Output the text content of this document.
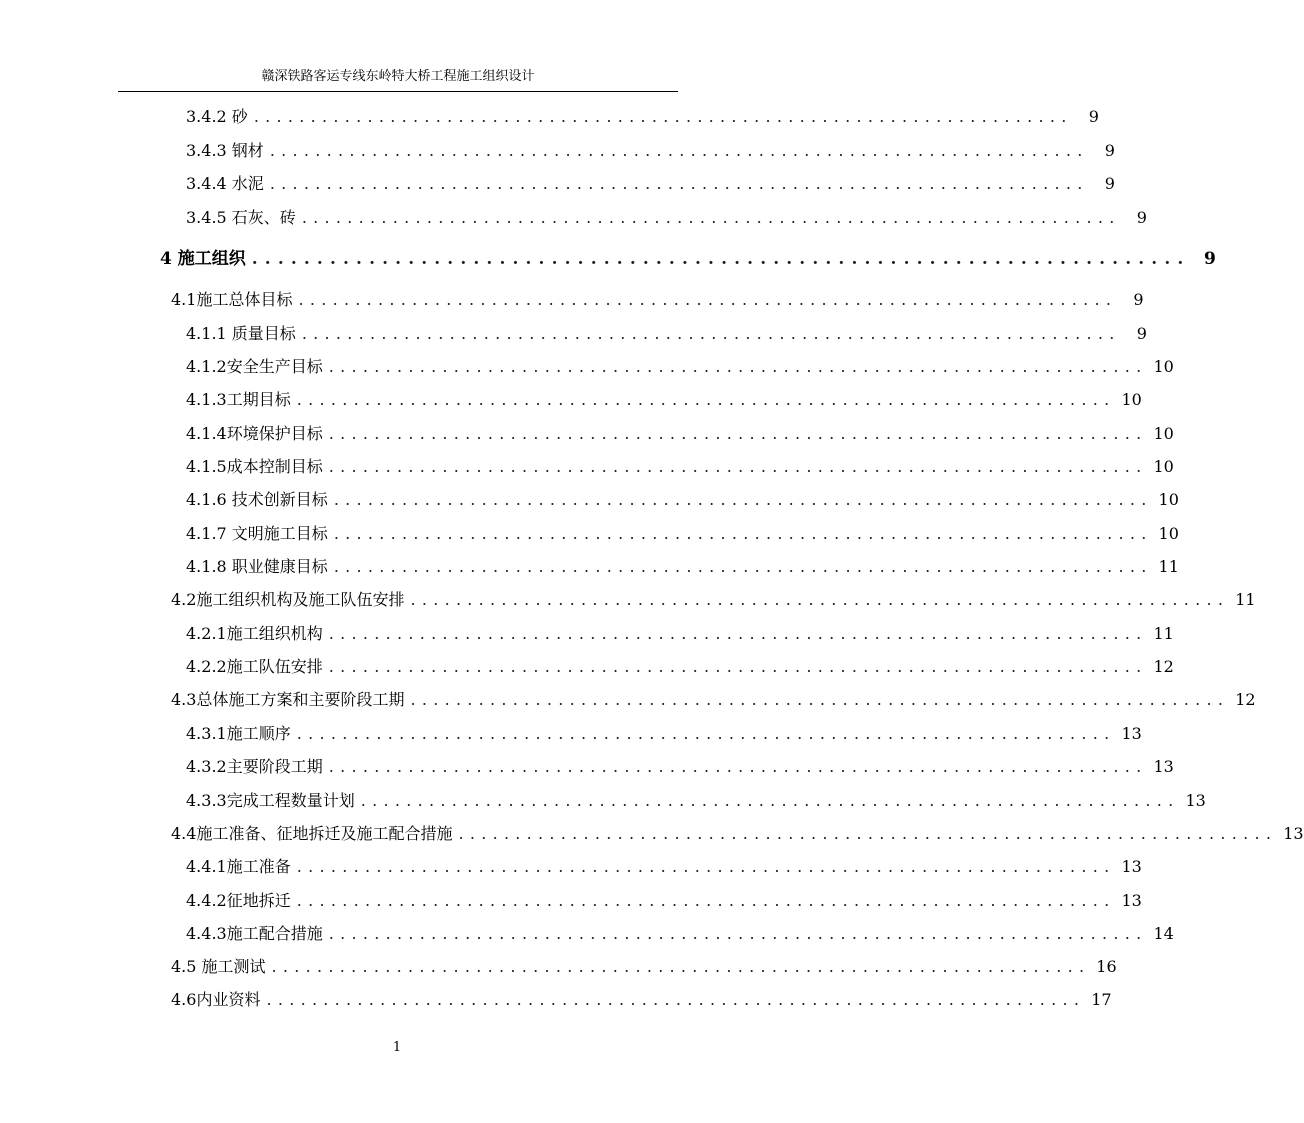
赣深铁路客运专线东岭特大桥工程施工组织设计
3.4.2 砂 . . . . . . . . . . . . . . . . . . . . . . . . . . . . . . . . . . . . . . . . . . . . . . . . . . . . . . . . . . . . . . . . . . . . . . . .	9
3.4.3 钢材 . . . . . . . . . . . . . . . . . . . . . . . . . . . . . . . . . . . . . . . . . . . . . . . . . . . . . . . . . . . . . . . . . . . . . . . .	9
3.4.4 水泥 . . . . . . . . . . . . . . . . . . . . . . . . . . . . . . . . . . . . . . . . . . . . . . . . . . . . . . . . . . . . . . . . . . . . . . . .	9
3.4.5 石灰、砖 . . . . . . . . . . . . . . . . . . . . . . . . . . . . . . . . . . . . . . . . . . . . . . . . . . . . . . . . . . . . . . . . . . . . . . . .	9
4 施工组织 . . . . . . . . . . . . . . . . . . . . . . . . . . . . . . . . . . . . . . . . . . . . . . . . . . . . . . . . . . . . . . . . . . . . . . . .	9
4.1施工总体目标 . . . . . . . . . . . . . . . . . . . . . . . . . . . . . . . . . . . . . . . . . . . . . . . . . . . . . . . . . . . . . . . . . . . . . . . .	9
4.1.1 质量目标 . . . . . . . . . . . . . . . . . . . . . . . . . . . . . . . . . . . . . . . . . . . . . . . . . . . . . . . . . . . . . . . . . . . . . . . .	9
4.1.2安全生产目标 . . . . . . . . . . . . . . . . . . . . . . . . . . . . . . . . . . . . . . . . . . . . . . . . . . . . . . . . . . . . . . . . . . . . . . . . 10
4.1.3工期目标 . . . . . . . . . . . . . . . . . . . . . . . . . . . . . . . . . . . . . . . . . . . . . . . . . . . . . . . . . . . . . . . . . . . . . . . . 10
4.1.4环境保护目标 . . . . . . . . . . . . . . . . . . . . . . . . . . . . . . . . . . . . . . . . . . . . . . . . . . . . . . . . . . . . . . . . . . . . . . . . 10
4.1.5成本控制目标 . . . . . . . . . . . . . . . . . . . . . . . . . . . . . . . . . . . . . . . . . . . . . . . . . . . . . . . . . . . . . . . . . . . . . . . . 10
4.1.6 技术创新目标 . . . . . . . . . . . . . . . . . . . . . . . . . . . . . . . . . . . . . . . . . . . . . . . . . . . . . . . . . . . . . . . . . . . . . . . . 10
4.1.7 文明施工目标 . . . . . . . . . . . . . . . . . . . . . . . . . . . . . . . . . . . . . . . . . . . . . . . . . . . . . . . . . . . . . . . . . . . . . . . . 10
4.1.8 职业健康目标 . . . . . . . . . . . . . . . . . . . . . . . . . . . . . . . . . . . . . . . . . . . . . . . . . . . . . . . . . . . . . . . . . . . . . . . . 11
4.2施工组织机构及施工队伍安排 . . . . . . . . . . . . . . . . . . . . . . . . . . . . . . . . . . . . . . . . . . . . . . . . . . . . . . . . . . . . . . . . . . . . . . . . 11
4.2.1施工组织机构 . . . . . . . . . . . . . . . . . . . . . . . . . . . . . . . . . . . . . . . . . . . . . . . . . . . . . . . . . . . . . . . . . . . . . . . . 11
4.2.2施工队伍安排 . . . . . . . . . . . . . . . . . . . . . . . . . . . . . . . . . . . . . . . . . . . . . . . . . . . . . . . . . . . . . . . . . . . . . . . . 12
4.3总体施工方案和主要阶段工期 . . . . . . . . . . . . . . . . . . . . . . . . . . . . . . . . . . . . . . . . . . . . . . . . . . . . . . . . . . . . . . . . . . . . . . . . 12
4.3.1施工顺序 . . . . . . . . . . . . . . . . . . . . . . . . . . . . . . . . . . . . . . . . . . . . . . . . . . . . . . . . . . . . . . . . . . . . . . . . 13
4.3.2主要阶段工期 . . . . . . . . . . . . . . . . . . . . . . . . . . . . . . . . . . . . . . . . . . . . . . . . . . . . . . . . . . . . . . . . . . . . . . . . 13
4.3.3完成工程数量计划 . . . . . . . . . . . . . . . . . . . . . . . . . . . . . . . . . . . . . . . . . . . . . . . . . . . . . . . . . . . . . . . . . . . . . . . . 13
4.4施工准备、征地拆迁及施工配合措施 . . . . . . . . . . . . . . . . . . . . . . . . . . . . . . . . . . . . . . . . . . . . . . . . . . . . . . . . . . . . . . . . . . . . . . . . 13
4.4.1施工准备 . . . . . . . . . . . . . . . . . . . . . . . . . . . . . . . . . . . . . . . . . . . . . . . . . . . . . . . . . . . . . . . . . . . . . . . . 13
4.4.2征地拆迁 . . . . . . . . . . . . . . . . . . . . . . . . . . . . . . . . . . . . . . . . . . . . . . . . . . . . . . . . . . . . . . . . . . . . . . . . 13
4.4.3施工配合措施 . . . . . . . . . . . . . . . . . . . . . . . . . . . . . . . . . . . . . . . . . . . . . . . . . . . . . . . . . . . . . . . . . . . . . . . . 14
4.5 施工测试 . . . . . . . . . . . . . . . . . . . . . . . . . . . . . . . . . . . . . . . . . . . . . . . . . . . . . . . . . . . . . . . . . . . . . . . . 16
4.6内业资料 . . . . . . . . . . . . . . . . . . . . . . . . . . . . . . . . . . . . . . . . . . . . . . . . . . . . . . . . . . . . . . . . . . . . . . . . 17
1
